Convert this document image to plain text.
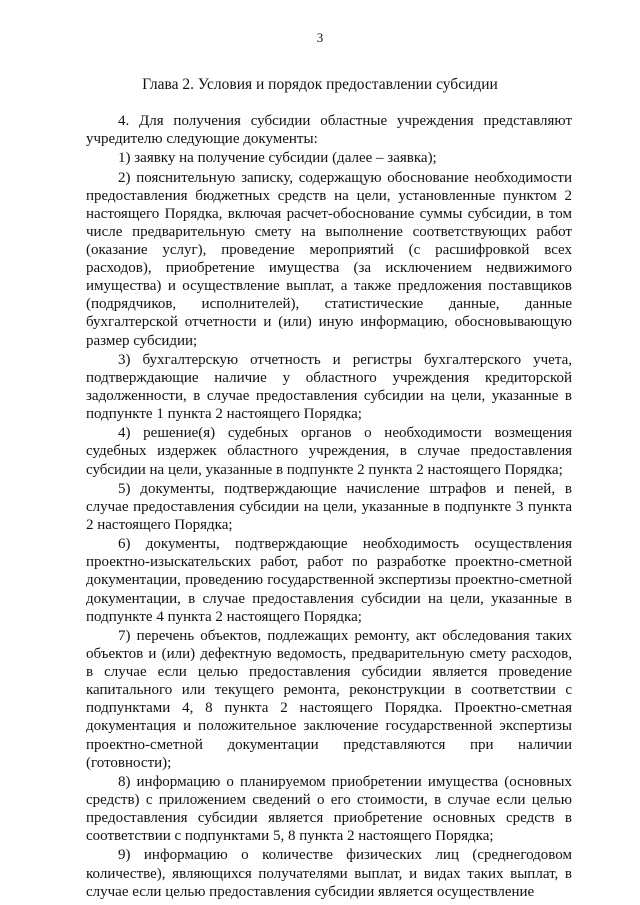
3
Глава 2. Условия и порядок предоставлении субсидии

4. Для получения субсидии областные учреждения представляют учредителю следующие документы:

1) заявку на получение субсидии (далее – заявка);

2) пояснительную записку, содержащую обоснование необходимости предоставления бюджетных средств на цели, установленные пунктом 2 настоящего Порядка, включая расчет-обоснование суммы субсидии, в том числе предварительную смету на выполнение соответствующих работ (оказание услуг), проведение мероприятий (с расшифровкой всех расходов), приобретение имущества (за исключением недвижимого имущества) и осуществление выплат, а также предложения поставщиков (подрядчиков, исполнителей), статистические данные, данные бухгалтерской отчетности и (или) иную информацию, обосновывающую размер субсидии;

3) бухгалтерскую отчетность и регистры бухгалтерского учета, подтверждающие наличие у областного учреждения кредиторской задолженности, в случае предоставления субсидии на цели, указанные в подпункте 1 пункта 2 настоящего Порядка;

4) решение(я) судебных органов о необходимости возмещения судебных издержек областного учреждения, в случае предоставления субсидии на цели, указанные в подпункте 2 пункта 2 настоящего Порядка;

5) документы, подтверждающие начисление штрафов и пеней, в случае предоставления субсидии на цели, указанные в подпункте 3 пункта 2 настоящего Порядка;

6) документы, подтверждающие необходимость осуществления проектно-изыскательских работ, работ по разработке проектно-сметной документации, проведению государственной экспертизы проектно-сметной документации, в случае предоставления субсидии на цели, указанные в подпункте 4 пункта 2 настоящего Порядка;

7) перечень объектов, подлежащих ремонту, акт обследования таких объектов и (или) дефектную ведомость, предварительную смету расходов, в случае если целью предоставления субсидии является проведение капитального или текущего ремонта, реконструкции в соответствии с подпунктами 4, 8 пункта 2 настоящего Порядка. Проектно-сметная документация и положительное заключение государственной экспертизы проектно-сметной документации представляются при наличии (готовности);

8) информацию о планируемом приобретении имущества (основных средств) с приложением сведений о его стоимости, в случае если целью предоставления субсидии является приобретение основных средств в соответствии с подпунктами 5, 8 пункта 2 настоящего Порядка;

9) информацию о количестве физических лиц (среднегодовом количестве), являющихся получателями выплат, и видах таких выплат, в случае если целью предоставления субсидии является осуществление
